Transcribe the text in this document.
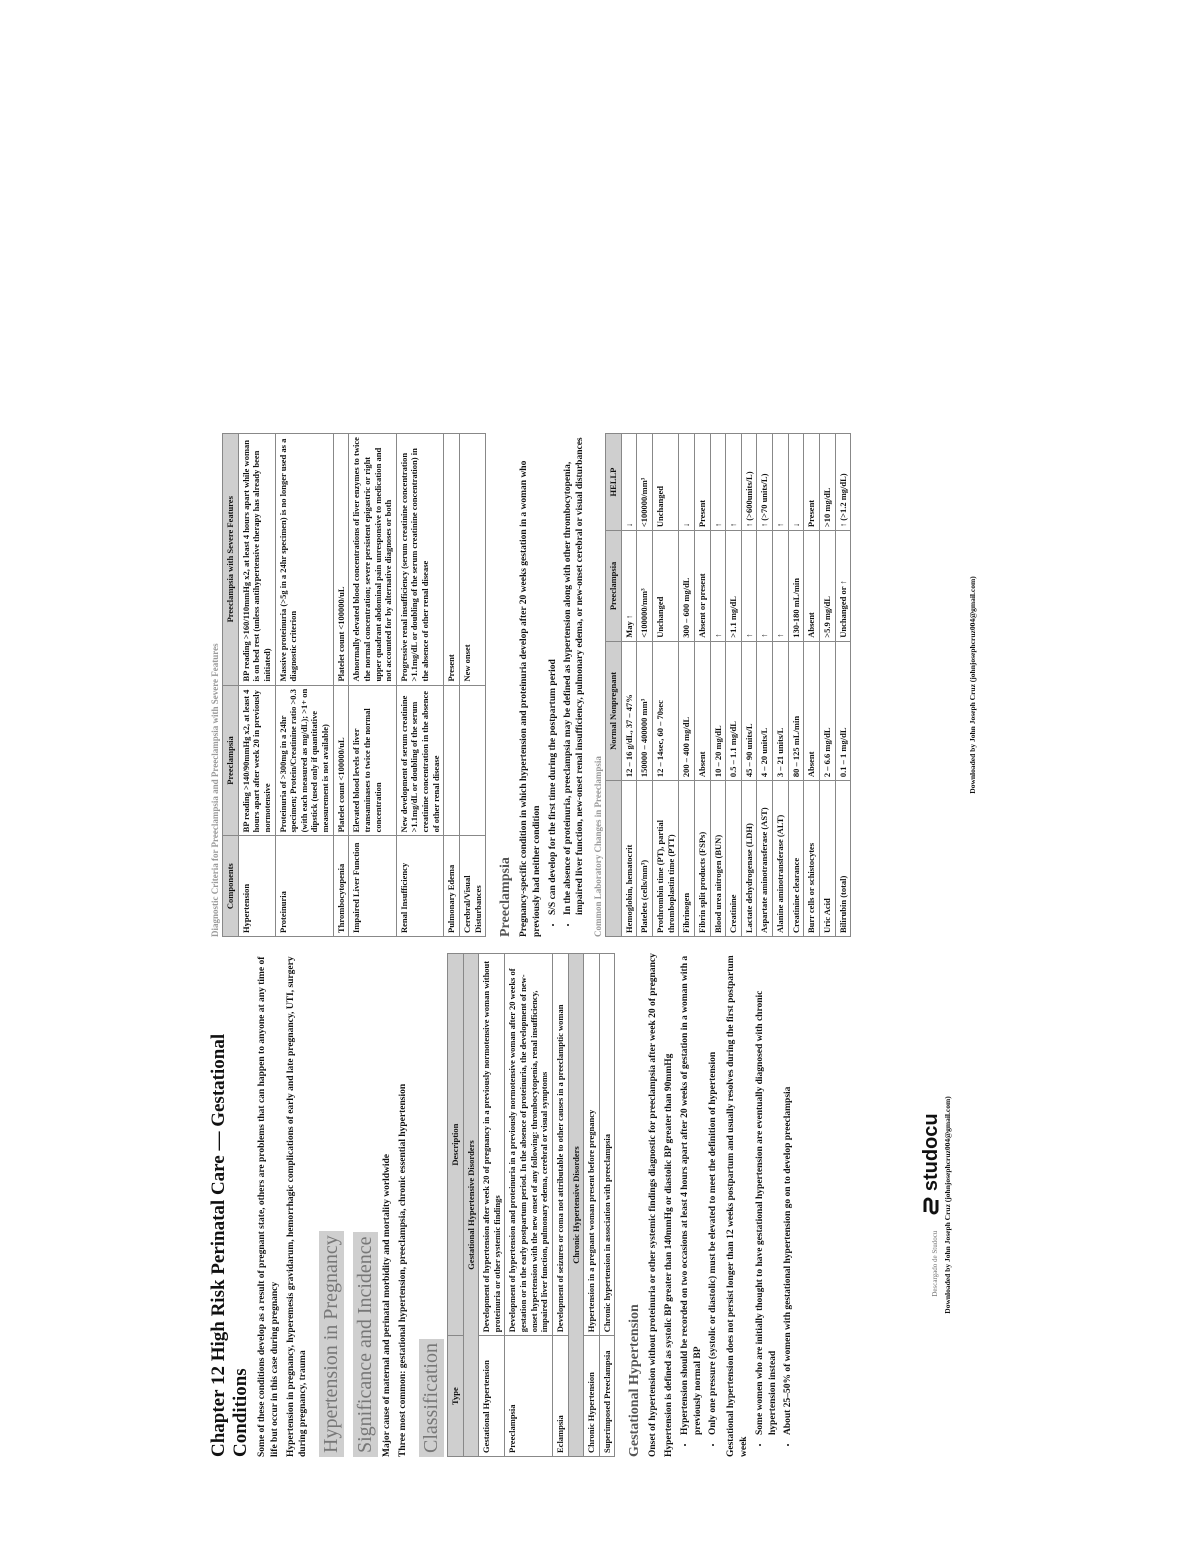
Chapter 12 High Risk Perinatal Care — Gestational Conditions Some of these conditions develop as a result of pregnant state, others are problems that can happen to anyone at any time of life but occur in this case during pregnancy Hypertension in pregnancy, hyperemesis gravidarum, hemorrhagic complications of early and late pregnancy, UTI, surgery during pregnancy, trauma Hypertension in Pregnancy Significance and Incidence Major cause of maternal and perinatal morbidity and mortality worldwide Three most common: gestational hypertension, preeclampsia, chronic essential hypertension Classification Type	Description
Gestational Hypertensive Disorders	
Gestational Hypertension	Development of hypertension after week 20 of pregnancy in a previously normotensive woman without proteinuria or other systemic findings
Preeclampsia	Development of hypertension and proteinuria in a previously normotensive woman after 20 weeks of gestation or in the early postpartum period. In the absence of proteinuria, the development of new-onset hypertension with the new onset of any following: thrombocytopenia, renal insufficiency, impaired liver function, pulmonary edema, cerebral or visual symptoms
Eclampsia	Development of seizures or coma not attributable to other causes in a preeclamptic woman
Chronic Hypertensive Disorders	
Chronic Hypertension	Hypertension in a pregnant woman present before pregnancy
Superimposed Preeclampsia	Chronic hypertension in association with preeclampsia
Gestational Hypertension Onset of hypertension without proteinuria or other systemic findings diagnostic for preeclampsia after week 20 of pregnancy Hypertension is defined as systolic BP greater than 140mmHg or diastolic BP greater than 90mmHg • Hypertension should be recorded on two occasions at least 4 hours apart after 20 weeks of gestation in a woman with a previously normal BP • Only one pressure (systolic or diastolic) must be elevated to meet the definition of hypertension Gestational hypertension does not persist longer than 12 weeks postpartum and usually resolves during the first postpartum week

• Some women who are initially thought to have gestational hypertension are eventually diagnosed with chronic hypertension instead • About 25–50% of women with gestational hypertension go on to develop preeclampsia	Descargado de Studocu     studocu Downloaded by John Joseph Cruz (johnjosephcruz004@gmail.com)
Diagnostic Criteria for Preeclampsia and Preeclampsia with Severe Features Components	Preeclampsia	Preeclampsia with Severe Features
Hypertension	BP reading >140/90mmHg x2, at least 4 hours apart after week 20 in previously normotensive	BP reading >160/110mmHg x2, at least 4 hours apart while woman is on bed rest (unless antihypertensive therapy has already been initiated)
Proteinuria	Proteinuria of >300mg in a 24hr specimen; Protein/Creatinine ratio >0.3 (with each measured as mg/dL); >1+ on dipstick (used only if quantitative measurement is not available)	Massive proteinuria (>5g in a 24hr specimen) is no longer used as a diagnostic criterion
Thrombocytopenia	Platelet count <100000/uL	Platelet count <100000/uL
Impaired Liver Function	Elevated blood levels of liver transaminases to twice the normal concentration	Abnormally elevated blood concentrations of liver enzymes to twice the normal concentration; severe persistent epigastric or right upper quadrant abdominal pain unresponsive to medication and not accounted for by alternative diagnoses or both
Renal Insufficiency	New development of serum creatinine >1.1mg/dL or doubling of the serum creatinine concentration in the absence of other renal disease	Progressive renal insufficiency (serum creatinine concentration >1.1mg/dL or doubling of the serum creatinine concentration) in the absence of other renal disease
Pulmonary Edema		Present
Cerebral/Visual Disturbances		New onset
Preeclampsia Pregnancy-specific condition in which hypertension and proteinuria develop after 20 weeks gestation in a woman who previously had neither condition • S/S can develop for the first time during the postpartum period • In the absence of proteinuria, preeclampsia may be defined as hypertension along with other thrombocytopenia, impaired liver function, new-onset renal insufficiency, pulmonary edema, or new-onset cerebral or visual disturbances Common Laboratory Changes in Preeclampsia
	Normal Nonpregnant	Preeclampsia	HELLP
Hemoglobin, hematocrit	12 – 16 g/dL, 37 – 47%	May ↑	↓
Platelets (cells/mm³)	150000 – 400000 mm³	<100000/mm³	<100000/mm³
Prothrombin time (PT), partial thromboplastin time (PTT)	12 – 14sec, 60 – 70sec	Unchanged	Unchanged
Fibrinogen	200 – 400 mg/dL	300 – 600 mg/dL	↓
Fibrin split products (FSPs)	Absent	Absent or present	Present
Blood urea nitrogen (BUN)	10 – 20 mg/dL	↑	↑
Creatinine	0.5 – 1.1 mg/dL	>1.1 mg/dL	↑
Lactate dehydrogenase (LDH)	45 – 90 units/L	↑	↑ (>600units/L)
Aspartate aminotransferase (AST)	4 – 20 units/L	↑	↑ (>70 units/L)
Alanine aminotransferase (ALT)	3 – 21 units/L	↑	↑
Creatinine clearance	80 – 125 mL/min	130-180 mL/min	↓
Burr cells or schistocytes	Absent	Absent	Present
Uric Acid	2 – 6.6 mg/dL	>5.9 mg/dL	>10 mg/dL
Bilirubin (total)	0.1 – 1 mg/dL	Unchanged or ↑	↑ (>1.2 mg/dL)
Downloaded by John Joseph Cruz (johnjosephcruz004@gmail.com)
